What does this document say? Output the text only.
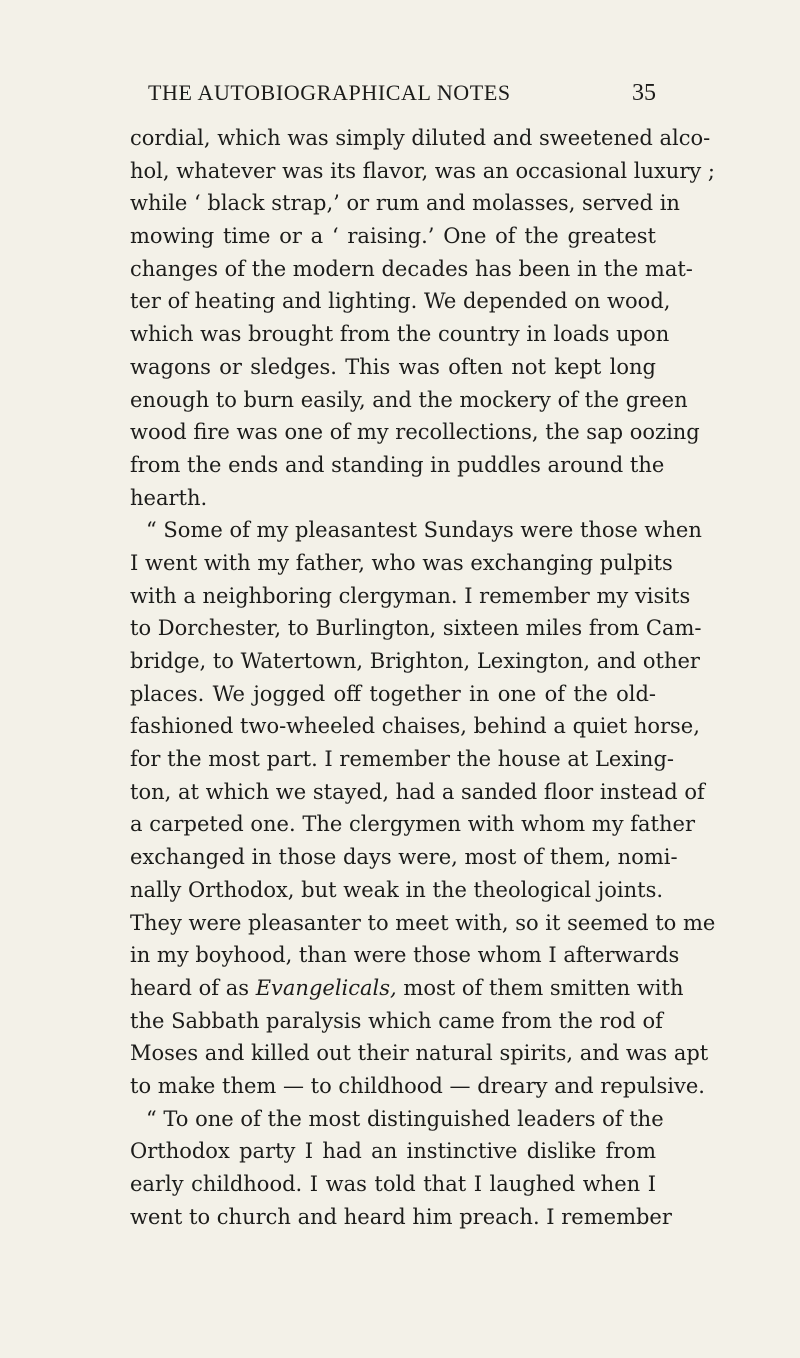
THE AUTOBIOGRAPHICAL NOTES	35
cordial, which was simply diluted and sweetened alco-
hol, whatever was its flavor, was an occasional luxury ;
while ‘ black strap,’ or rum and molasses, served in
mowing time or a ‘ raising.’ One of the greatest
changes of the modern decades has been in the mat-
ter of heating and lighting. We depended on wood,
which was brought from the country in loads upon
wagons or sledges. This was often not kept long
enough to burn easily, and the mockery of the green
wood fire was one of my recollections, the sap oozing
from the ends and standing in puddles around the
hearth.
“ Some of my pleasantest Sundays were those when
I went with my father, who was exchanging pulpits
with a neighboring clergyman. I remember my visits
to Dorchester, to Burlington, sixteen miles from Cam-
bridge, to Watertown, Brighton, Lexington, and other
places. We jogged off together in one of the old-
fashioned two-wheeled chaises, behind a quiet horse,
for the most part. I remember the house at Lexing-
ton, at which we stayed, had a sanded floor instead of
a carpeted one. The clergymen with whom my father
exchanged in those days were, most of them, nomi-
nally Orthodox, but weak in the theological joints.
They were pleasanter to meet with, so it seemed to me
in my boyhood, than were those whom I afterwards
heard of as Evangelicals, most of them smitten with
the Sabbath paralysis which came from the rod of
Moses and killed out their natural spirits, and was apt
to make them — to childhood — dreary and repulsive.
“ To one of the most distinguished leaders of the
Orthodox party I had an instinctive dislike from
early childhood. I was told that I laughed when I
went to church and heard him preach. I remember
